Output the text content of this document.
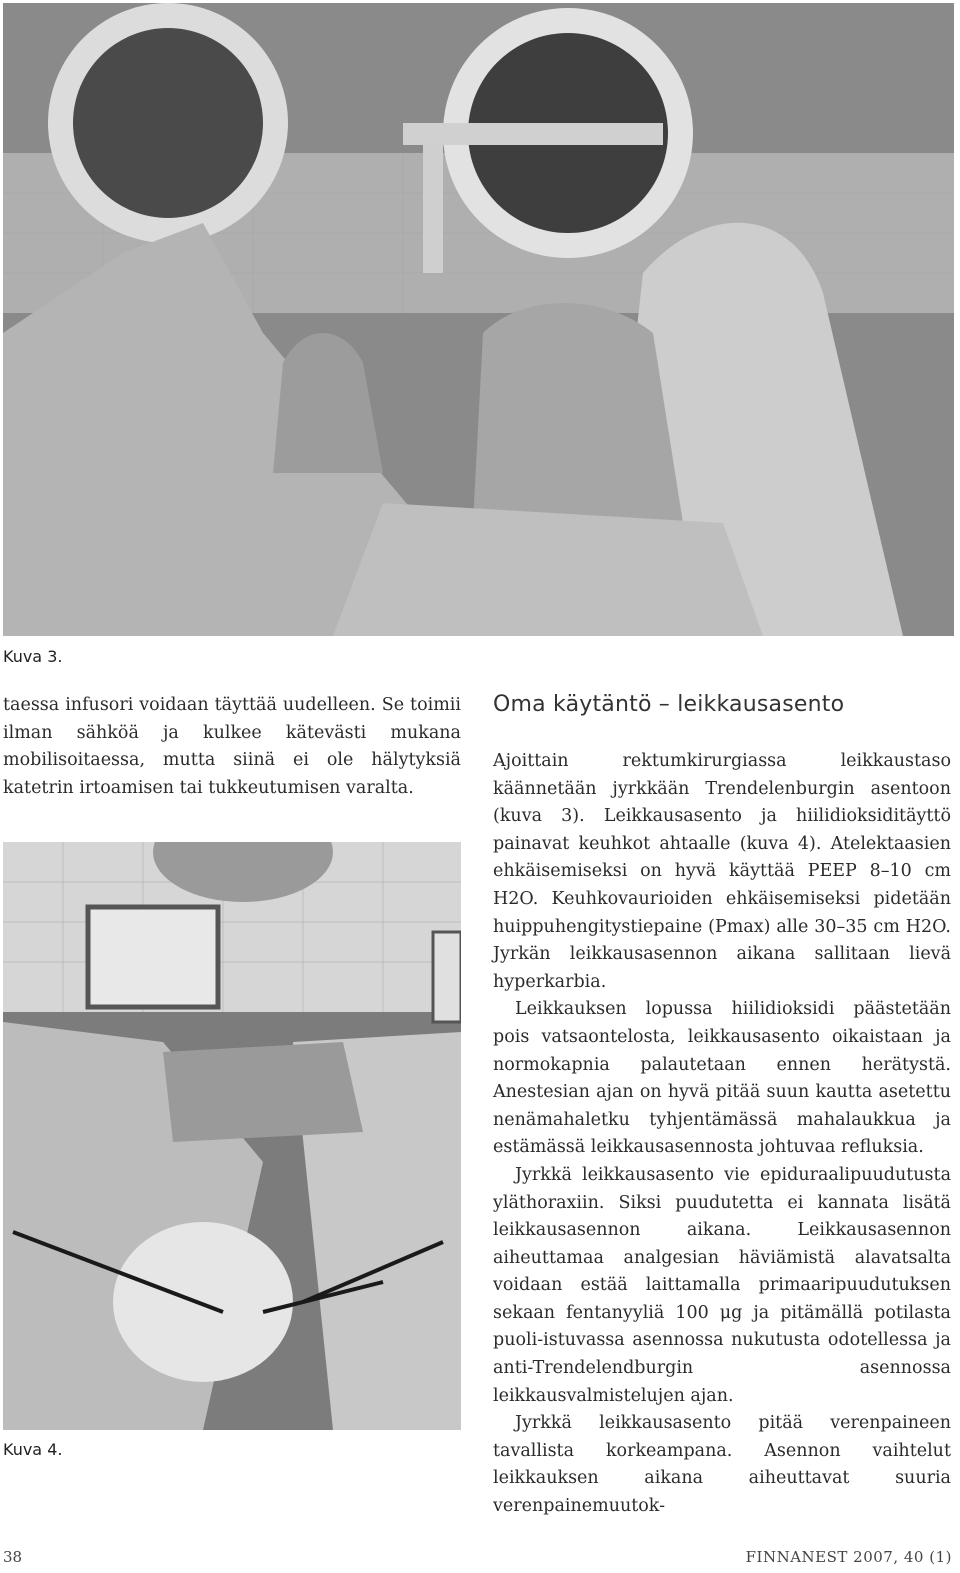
Kuva 3.

taessa infusori voidaan täyttää uudelleen. Se toimii ilman sähköä ja kulkee kätevästi mukana mobilisoitaessa, mutta siinä ei ole hälytyksiä katetrin irtoamisen tai tukkeutumisen varalta.

Kuva 4.
Oma käytäntö – leikkausasento

Ajoittain rektumkirurgiassa leikkaustaso käännetään jyrkkään Trendelenburgin asentoon (kuva 3). Leikkausasento ja hiilidioksiditäyttö painavat keuhkot ahtaalle (kuva 4). Atelektaasien ehkäisemiseksi on hyvä käyttää PEEP 8–10 cm H2O. Keuhkovaurioiden ehkäisemiseksi pidetään huippuhengitystiepaine (Pmax) alle 30–35 cm H2O. Jyrkän leikkausasennon aikana sallitaan lievä hyperkarbia.

Leikkauksen lopussa hiilidioksidi päästetään pois vatsaontelosta, leikkausasento oikaistaan ja normokapnia palautetaan ennen herätystä. Anestesian ajan on hyvä pitää suun kautta asetettu nenämahaletku tyhjentämässä mahalaukkua ja estämässä leikkausasennosta johtuvaa refluksia.

Jyrkkä leikkausasento vie epiduraalipuudutusta yläthoraxiin. Siksi puudutetta ei kannata lisätä leikkausasennon aikana. Leikkausasennon aiheuttamaa analgesian häviämistä alavatsalta voidaan estää laittamalla primaaripuudutuksen sekaan fentanyyliä 100 μg ja pitämällä potilasta puoli-istuvassa asennossa nukutusta odotellessa ja anti-Trendelendburgin asennossa leikkausvalmistelujen ajan.

Jyrkkä leikkausasento pitää verenpaineen tavallista korkeampana. Asennon vaihtelut leikkauksen aikana aiheuttavat suuria verenpainemuutok-

38	FINNANEST 2007, 40 (1)
